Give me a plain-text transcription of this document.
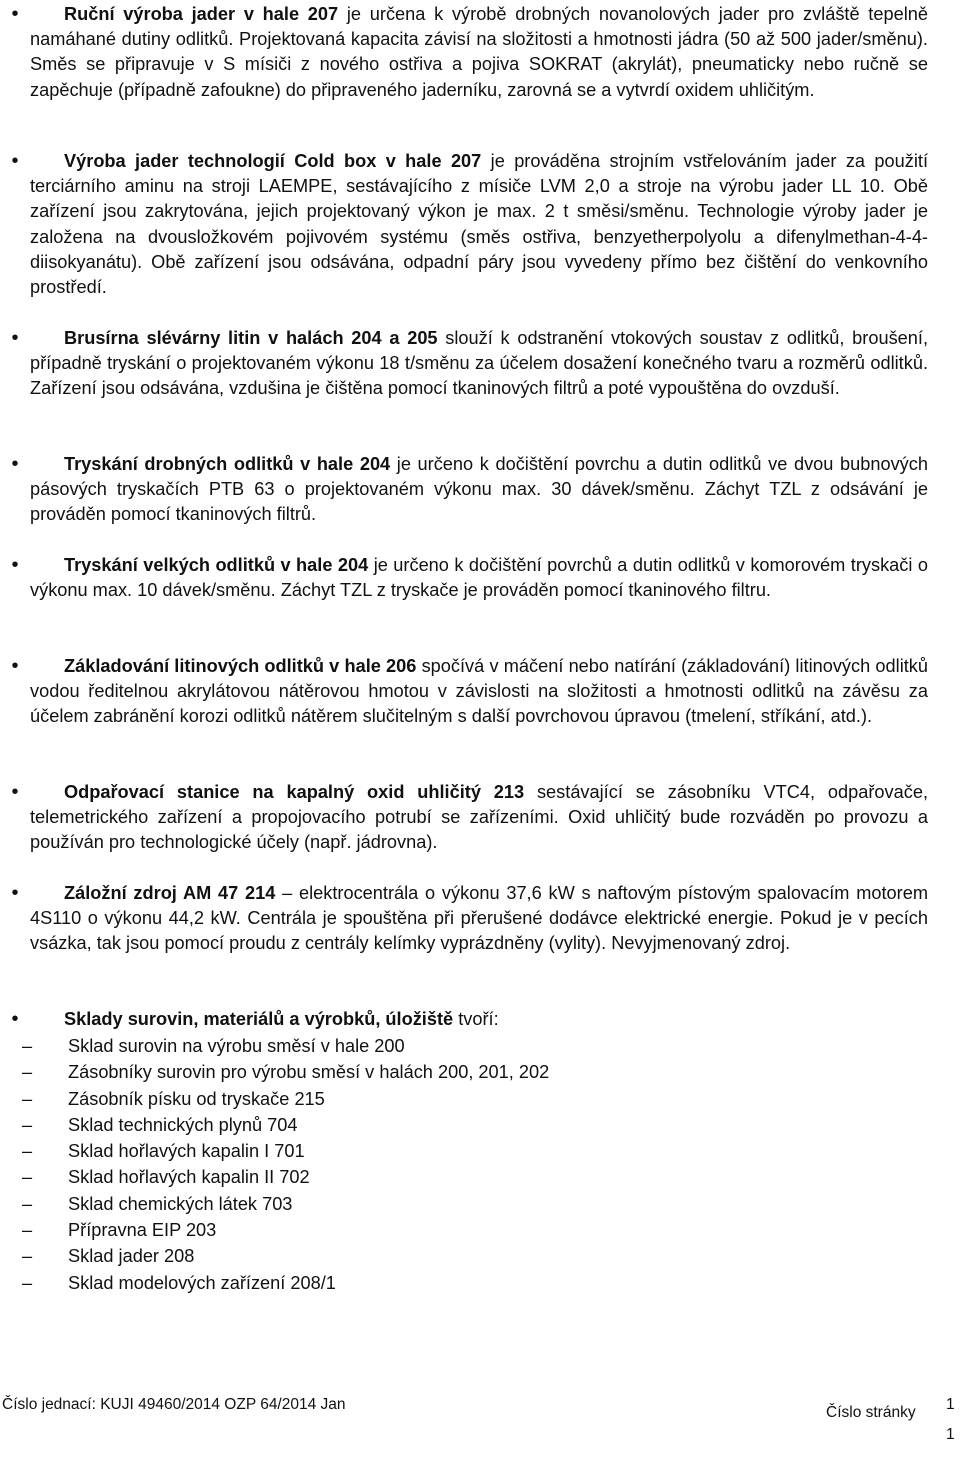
•	Ruční výroba jader v hale 207 je určena k výrobě drobných novanolových jader pro zvláště tepelně namáhané dutiny odlitků. Projektovaná kapacita závisí na složitosti a hmotnosti jádra (50 až 500 jader/směnu). Směs se připravuje v S mísiči z nového ostřiva a pojiva SOKRAT (akrylát), pneumaticky nebo ručně se zapěchuje (případně zafoukne) do připraveného jaderníku, zarovná se a vytvrdí oxidem uhličitým.
•	Výroba jader technologií Cold box v hale 207 je prováděna strojním vstřelováním jader za použití terciárního aminu na stroji LAEMPE, sestávajícího z mísiče LVM 2,0 a stroje na výrobu jader LL 10. Obě zařízení jsou zakrytována, jejich projektovaný výkon je max. 2 t směsi/směnu. Technologie výroby jader je založena na dvousložkovém pojivovém systému (směs ostřiva, benzyetherpolyolu a difenylmethan-4-4-diisokyanátu). Obě zařízení jsou odsávána, odpadní páry jsou vyvedeny přímo bez čištění do venkovního prostředí.
•	Brusírna slévárny litin v halách 204 a 205 slouží k odstranění vtokových soustav z odlitků, broušení, případně tryskání o projektovaném výkonu 18 t/směnu za účelem dosažení konečného tvaru a rozměrů odlitků. Zařízení jsou odsávána, vzdušina je čištěna pomocí tkaninových filtrů a poté vypouštěna do ovzduší.
•	Tryskání drobných odlitků v hale 204 je určeno k dočištění povrchu a dutin odlitků ve dvou bubnových pásových tryskačích PTB 63 o projektovaném výkonu max. 30 dávek/směnu. Záchyt TZL z odsávání je prováděn pomocí tkaninových filtrů.
•	Tryskání velkých odlitků v hale 204 je určeno k dočištění povrchů a dutin odlitků v komorovém tryskači o výkonu max. 10 dávek/směnu. Záchyt TZL z tryskače je prováděn pomocí tkaninového filtru.
•	Základování litinových odlitků v hale 206 spočívá v máčení nebo natírání (základování) litinových odlitků vodou ředitelnou akrylátovou nátěrovou hmotou v závislosti na složitosti a hmotnosti odlitků na závěsu za účelem zabránění korozi odlitků nátěrem slučitelným s další povrchovou úpravou (tmelení, stříkání, atd.).
•	Odpařovací stanice na kapalný oxid uhličitý 213 sestávající se zásobníku VTC4, odpařovače, telemetrického zařízení a propojovacího potrubí se zařízeními. Oxid uhličitý bude rozváděn po provozu a používán pro technologické účely (např. jádrovna).
•	Záložní zdroj AM 47 214 – elektrocentrála o výkonu 37,6 kW s naftovým pístovým spalovacím motorem 4S110 o výkonu 44,2 kW. Centrála je spouštěna při přerušené dodávce elektrické energie. Pokud je v pecích vsázka, tak jsou pomocí proudu z centrály kelímky vyprázdněny (vylity). Nevyjmenovaný zdroj.
•	Sklady surovin, materiálů a výrobků, úložiště tvoří:
–	Sklad surovin na výrobu směsí v hale 200
–	Zásobníky surovin pro výrobu směsí v halách 200, 201, 202
–	Zásobník písku od tryskače 215
–	Sklad technických plynů 704
–	Sklad hořlavých kapalin I 701
–	Sklad hořlavých kapalin II 702
–	Sklad chemických látek 703
–	Přípravna EIP 203
–	Sklad jader 208
–	Sklad modelových zařízení 208/1
Číslo jednací: KUJI 49460/2014 OZP 64/2014 Jan	Číslo stránky 1
1
